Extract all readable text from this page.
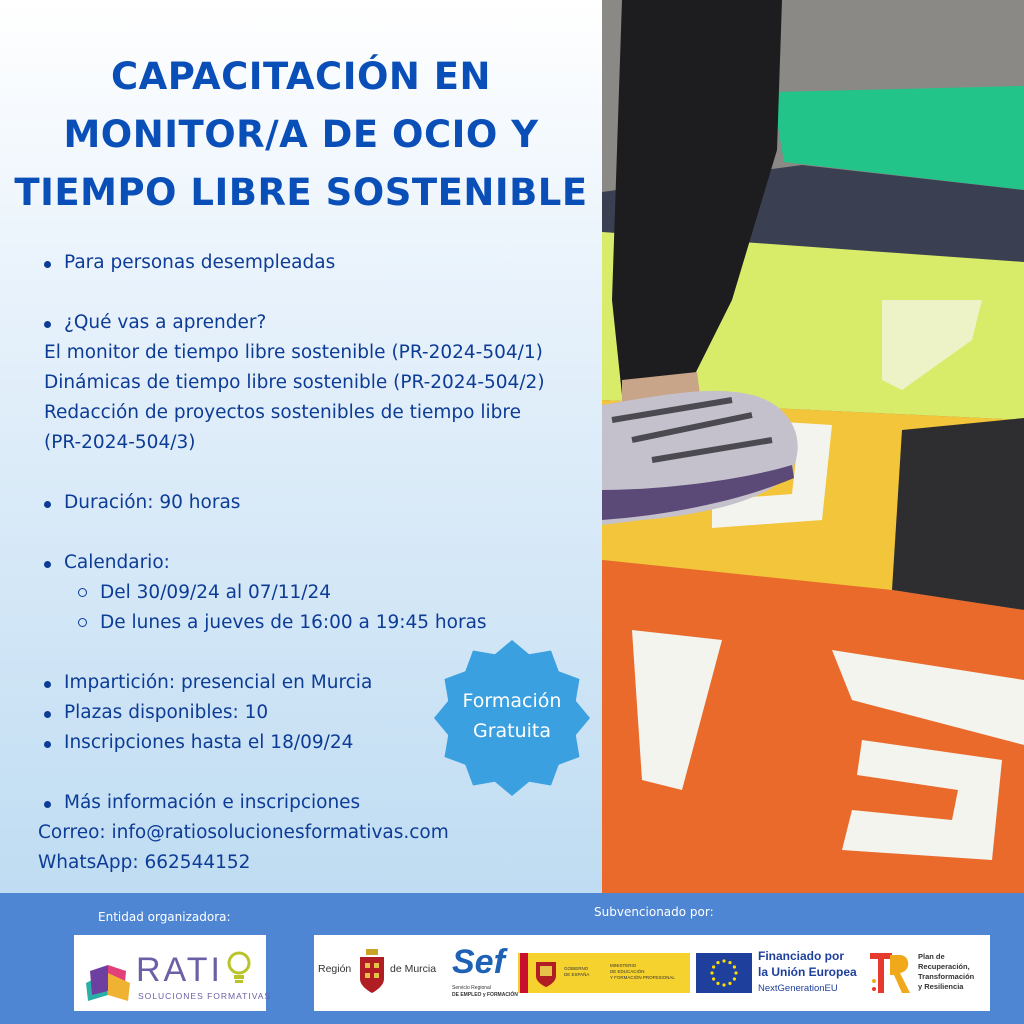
CAPACITACIÓN EN
MONITOR/A DE OCIO Y
TIEMPO LIBRE SOSTENIBLE
Para personas desempleadas
¿Qué vas a aprender?
El monitor de tiempo libre sostenible (PR-2024-504/1)
Dinámicas de tiempo libre sostenible (PR-2024-504/2)
Redacción de proyectos sostenibles de tiempo libre
(PR-2024-504/3)
Duración: 90 horas
Calendario:
Del 30/09/24 al 07/11/24
De lunes a jueves de 16:00 a 19:45 horas
Impartición: presencial en Murcia
Plazas disponibles: 10
Inscripciones hasta el 18/09/24
Más información e inscripciones
Correo: info@ratiosolucionesformativas.com
WhatsApp: 662544152
Formación
Gratuita
Entidad organizadora:	Subvencionado por:
RATI
SOLUCIONES FORMATIVAS
Región	de Murcia Sef
Servicio Regional
DE EMPLEO y FORMACIÓN
GOBIERNO
DE ESPAÑA
MINISTERIO
DE EDUCACIÓN
Y FORMACIÓN PROFESIONAL
Financiado por
la Unión Europea
NextGenerationEU
Plan de
Recuperación,
Transformación
y Resiliencia
